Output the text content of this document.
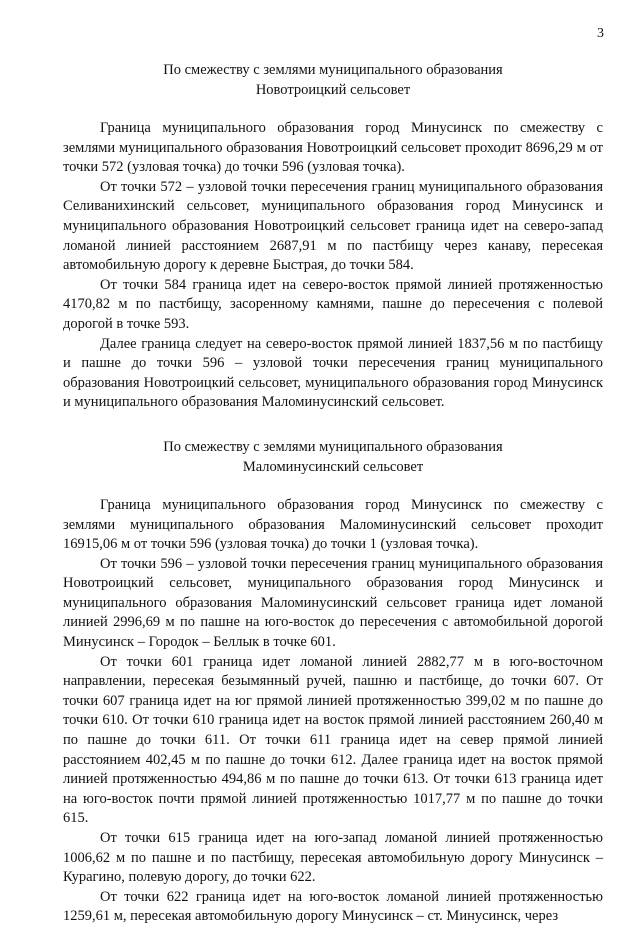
3
По смежеству с землями муниципального образования
Новотроицкий сельсовет

Граница муниципального образования город Минусинск по смежеству с землями муниципального образования Новотроицкий сельсовет проходит 8696,29 м от точки 572 (узловая точка) до точки 596 (узловая точка).

От точки 572 – узловой точки пересечения границ муниципального образования Селиванихинский сельсовет, муниципального образования город Минусинск и муниципального образования Новотроицкий сельсовет граница идет на северо-запад ломаной линией расстоянием 2687,91 м по пастбищу через канаву, пересекая автомобильную дорогу к деревне Быстрая, до точки 584.

От точки 584 граница идет на северо-восток прямой линией протяженностью 4170,82 м по пастбищу, засоренному камнями, пашне до пересечения с полевой дорогой в точке 593.

Далее граница следует на северо-восток прямой линией 1837,56 м по пастбищу и пашне до точки 596 – узловой точки пересечения границ муниципального образования Новотроицкий сельсовет, муниципального образования город Минусинск и муниципального образования Маломинусинский сельсовет.

По смежеству с землями муниципального образования
Маломинусинский сельсовет

Граница муниципального образования город Минусинск по смежеству с землями муниципального образования Маломинусинский сельсовет проходит 16915,06 м от точки 596 (узловая точка) до точки 1 (узловая точка).

От точки 596 – узловой точки пересечения границ муниципального образования Новотроицкий сельсовет, муниципального образования город Минусинск и муниципального образования Маломинусинский сельсовет граница идет ломаной линией 2996,69 м по пашне на юго-восток до пересечения с автомобильной дорогой Минусинск – Городок – Беллык в точке 601.

От точки 601 граница идет ломаной линией 2882,77 м в юго-восточном направлении, пересекая безымянный ручей, пашню и пастбище, до точки 607. От точки 607 граница идет на юг прямой линией протяженностью 399,02 м по пашне до точки 610. От точки 610 граница идет на восток прямой линией расстоянием 260,40 м по пашне до точки 611. От точки 611 граница идет на север прямой линией расстоянием 402,45 м по пашне до точки 612. Далее граница идет на восток прямой линией протяженностью 494,86 м по пашне до точки 613. От точки 613 граница идет на юго-восток почти прямой линией протяженностью 1017,77 м по пашне до точки 615.

От точки 615 граница идет на юго-запад ломаной линией протяженностью 1006,62 м по пашне и по пастбищу, пересекая автомобильную дорогу Минусинск – Курагино, полевую дорогу, до точки 622.

От точки 622 граница идет на юго-восток ломаной линией протяженностью 1259,61 м, пересекая автомобильную дорогу Минусинск – ст. Минусинск, через
